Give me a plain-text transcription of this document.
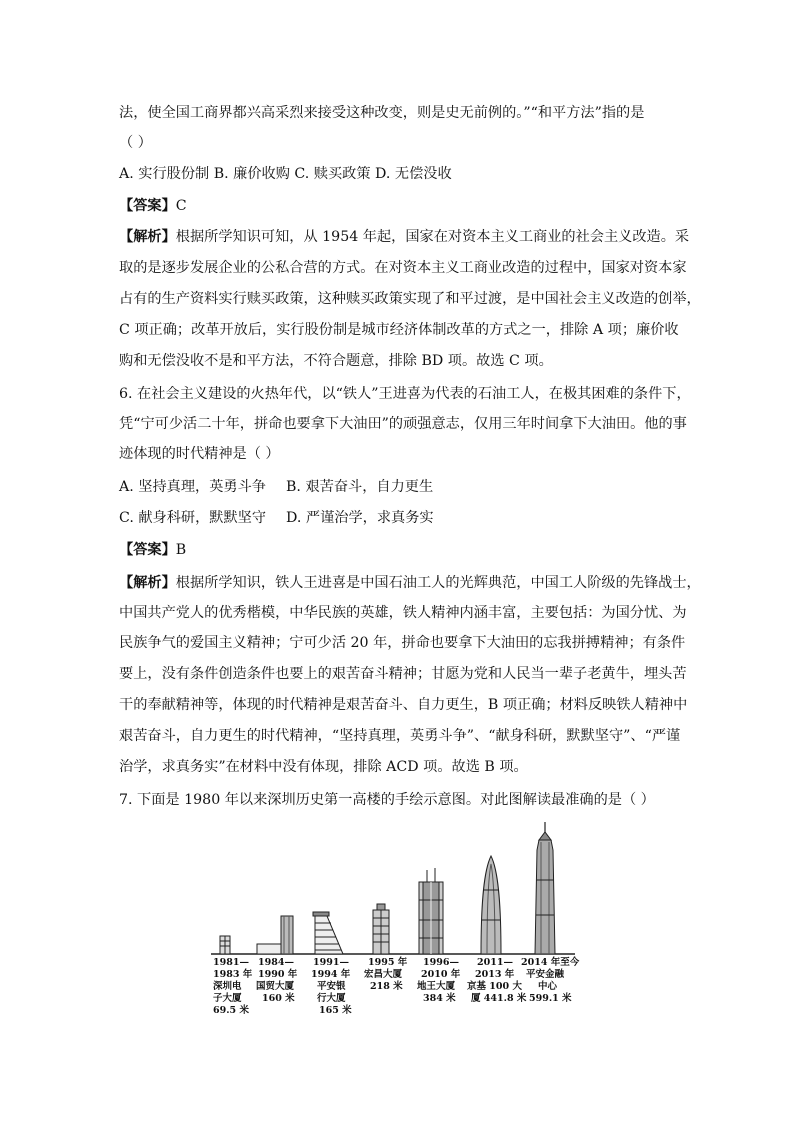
法，使全国工商界都兴高采烈来接受这种改变，则是史无前例的。”“和平方法”指的是
（ ）
A. 实行股份制 B. 廉价收购 C. 赎买政策 D. 无偿没收
【答案】C
【解析】根据所学知识可知，从 1954 年起，国家在对资本主义工商业的社会主义改造。采
取的是逐步发展企业的公私合营的方式。在对资本主义工商业改造的过程中，国家对资本家
占有的生产资料实行赎买政策，这种赎买政策实现了和平过渡，是中国社会主义改造的创举，
C 项正确；改革开放后，实行股份制是城市经济体制改革的方式之一，排除 A 项；廉价收
购和无偿没收不是和平方法，不符合题意，排除 BD 项。故选 C 项。
6. 在社会主义建设的火热年代，以“铁人”王进喜为代表的石油工人，在极其困难的条件下，
凭“宁可少活二十年，拼命也要拿下大油田”的顽强意志，仅用三年时间拿下大油田。他的事
迹体现的时代精神是（ ）
A. 坚持真理，英勇斗争 B. 艰苦奋斗，自力更生
C. 献身科研，默默坚守 D. 严谨治学，求真务实
【答案】B
【解析】根据所学知识，铁人王进喜是中国石油工人的光辉典范，中国工人阶级的先锋战士，
中国共产党人的优秀楷模，中华民族的英雄，铁人精神内涵丰富，主要包括：为国分忧、为
民族争气的爱国主义精神；宁可少活 20 年，拼命也要拿下大油田的忘我拼搏精神；有条件
要上，没有条件创造条件也要上的艰苦奋斗精神；甘愿为党和人民当一辈子老黄牛，埋头苦
干的奉献精神等，体现的时代精神是艰苦奋斗、自力更生，B 项正确；材料反映铁人精神中
艰苦奋斗，自力更生的时代精神，“坚持真理，英勇斗争”、“献身科研，默默坚守”、“严谨
治学，求真务实”在材料中没有体现，排除 ACD 项。故选 B 项。
7. 下面是 1980 年以来深圳历史第一高楼的手绘示意图。对此图解读最准确的是（ ）
1981— 1983 年 深圳电 子大厦 69.5 米
1984— 1990 年 国贸大厦 160 米
1991— 1994 年 平安银 行大厦 165 米
1995 年 宏昌大厦 218 米
1996— 2010 年 地王大厦 384 米
2011— 2013 年 京基 100 大 厦 441.8 米
2014 年至今 平安金融 中心 599.1 米
